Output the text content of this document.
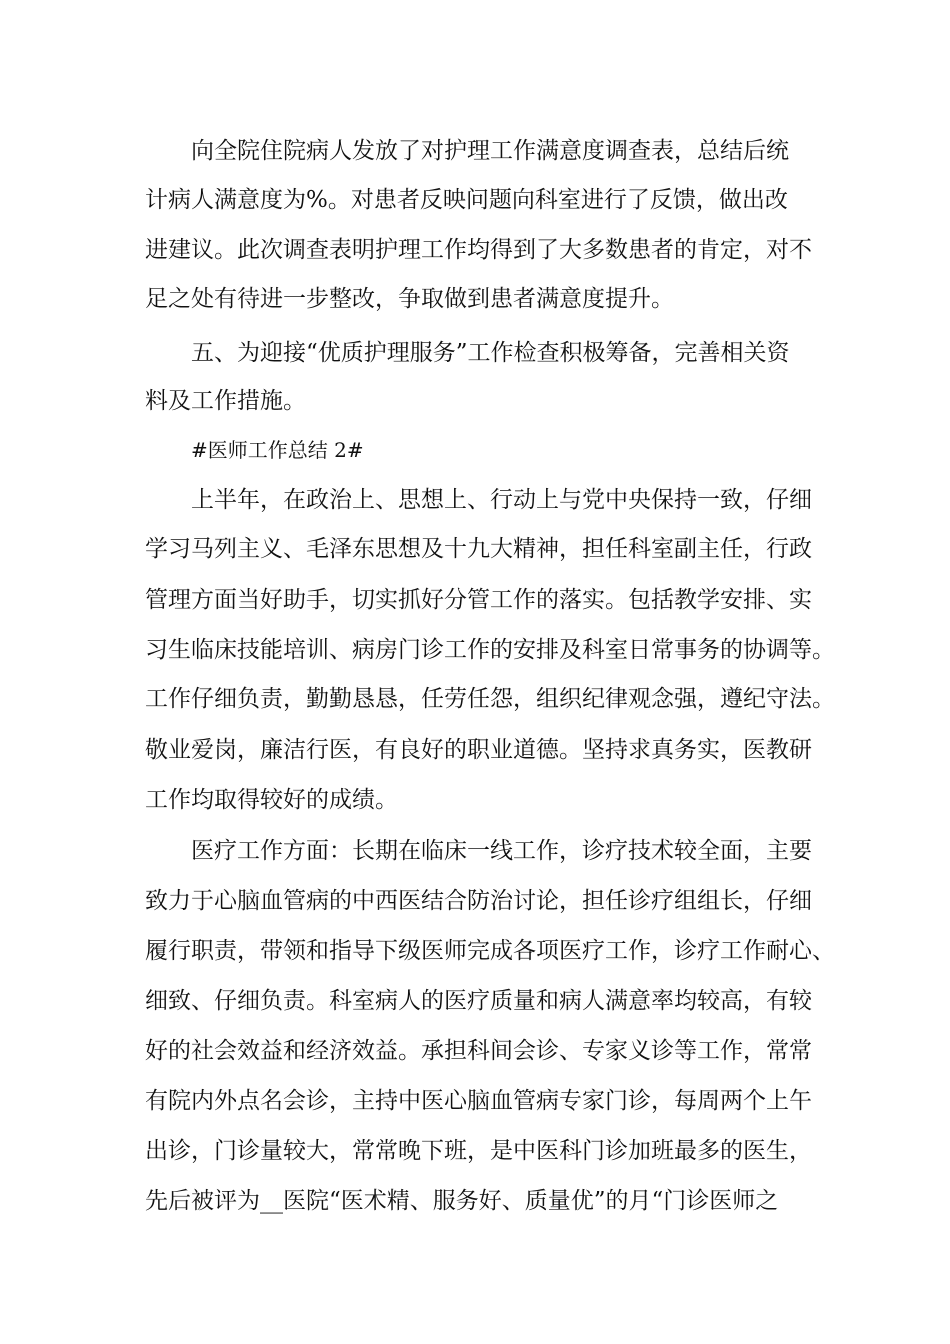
向全院住院病人发放了对护理工作满意度调查表，总结后统

计病人满意度为%。对患者反映问题向科室进行了反馈，做出改

进建议。此次调查表明护理工作均得到了大多数患者的肯定，对不

足之处有待进一步整改，争取做到患者满意度提升。

五、为迎接“优质护理服务”工作检查积极筹备，完善相关资

料及工作措施。

#医师工作总结 2#

上半年，在政治上、思想上、行动上与党中央保持一致，仔细

学习马列主义、毛泽东思想及十九大精神，担任科室副主任，行政

管理方面当好助手，切实抓好分管工作的落实。包括教学安排、实

习生临床技能培训、病房门诊工作的安排及科室日常事务的协调等。

工作仔细负责，勤勤恳恳，任劳任怨，组织纪律观念强，遵纪守法。

敬业爱岗，廉洁行医，有良好的职业道德。坚持求真务实，医教研

工作均取得较好的成绩。

医疗工作方面：长期在临床一线工作，诊疗技术较全面，主要

致力于心脑血管病的中西医结合防治讨论，担任诊疗组组长，仔细

履行职责，带领和指导下级医师完成各项医疗工作，诊疗工作耐心、

细致、仔细负责。科室病人的医疗质量和病人满意率均较高，有较

好的社会效益和经济效益。承担科间会诊、专家义诊等工作，常常

有院内外点名会诊，主持中医心脑血管病专家门诊，每周两个上午

出诊，门诊量较大，常常晚下班，是中医科门诊加班最多的医生，

先后被评为__医院“医术精、服务好、质量优”的月“门诊医师之
